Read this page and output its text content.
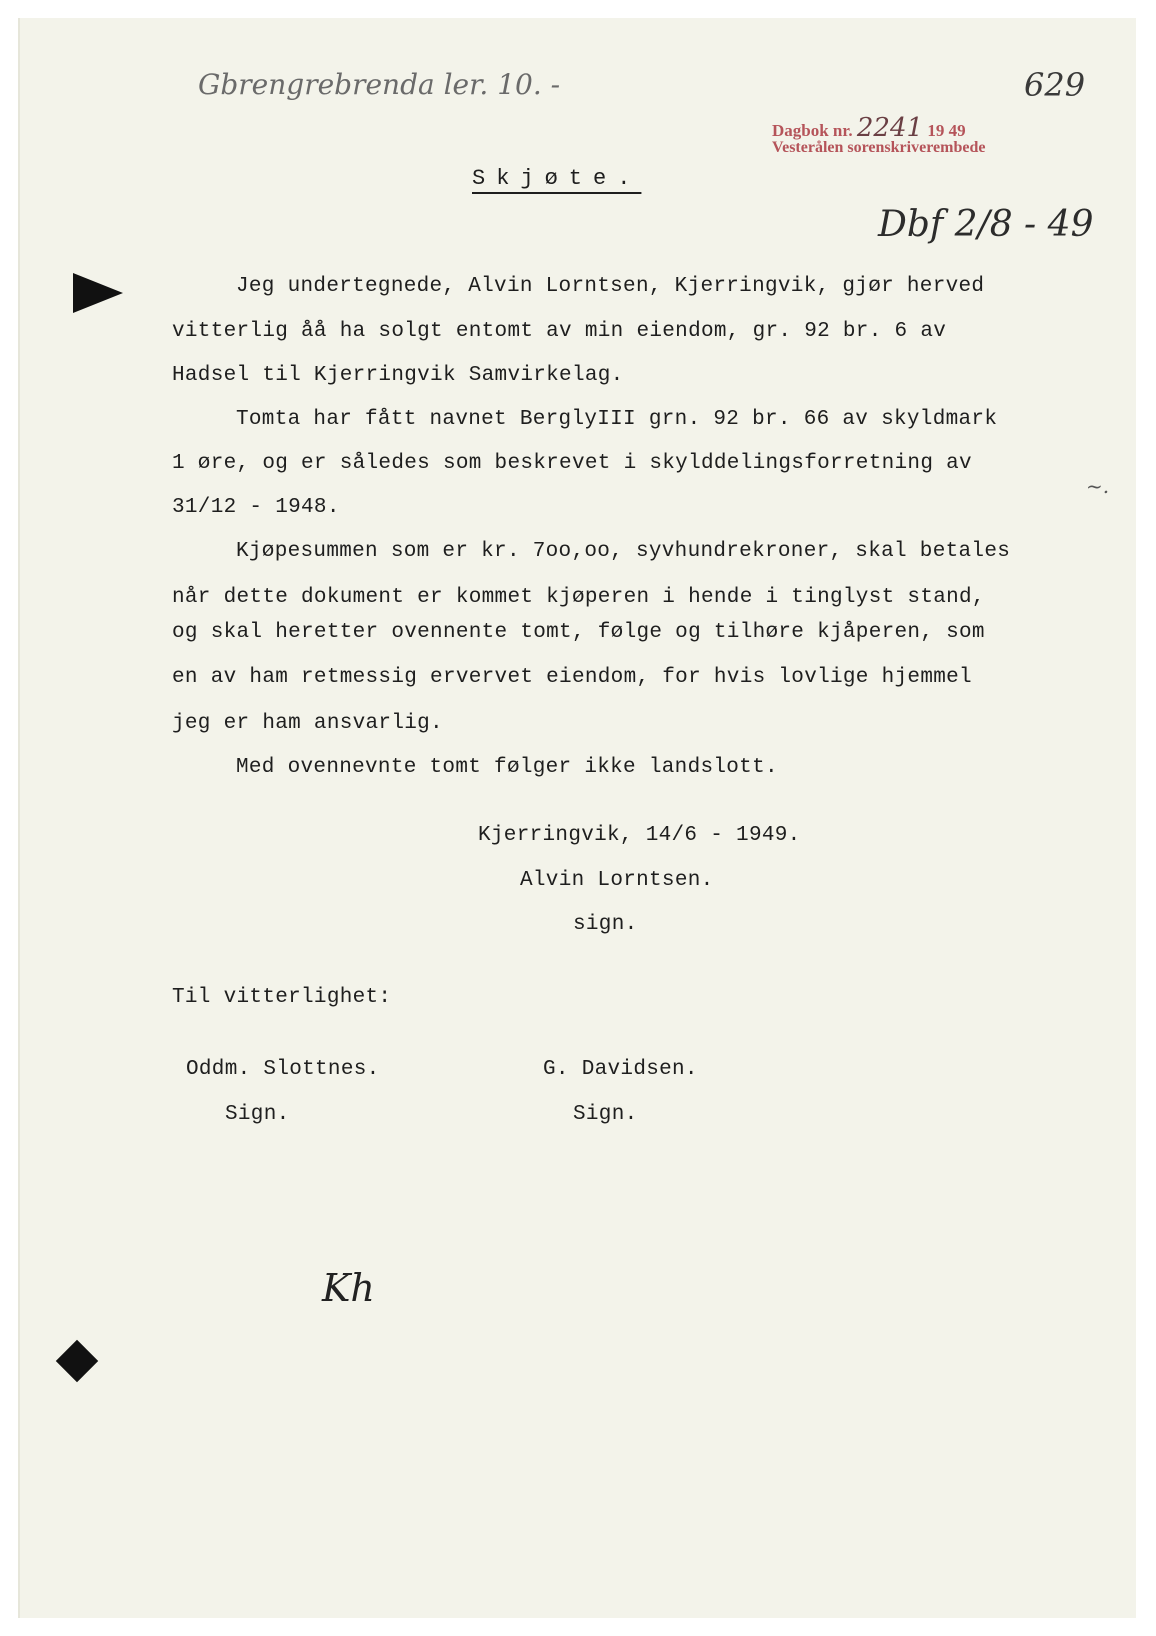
Gbrengrebrenda ler. 10. -	629
Dagbok nr. 2241 19 49
Vesterålen sorenskriverembede
Dbf 2/8 - 49
Skjøte.
Jeg undertegnede, Alvin Lorntsen, Kjerringvik, gjør herved
vitterlig åå ha solgt entomt av min eiendom, gr. 92 br. 6 av
Hadsel til Kjerringvik Samvirkelag.
Tomta har fått navnet BerglyIII grn. 92 br. 66 av skyldmark
1 øre, og er således som beskrevet i skylddelingsforretning av
~.
31/12 - 1948.
Kjøpesummen som er kr. 7oo,oo, syvhundrekroner, skal betales
når dette dokument er kommet kjøperen i hende i tinglyst stand,
og skal heretter ovennente tomt, følge og tilhøre kjåperen, som
en av ham retmessig ervervet eiendom, for hvis lovlige hjemmel
jeg er ham ansvarlig.
Med ovennevnte tomt følger ikke landslott.
Kjerringvik, 14/6 - 1949.
Alvin Lorntsen.
sign.
Til vitterlighet:
Oddm. Slottnes.	G. Davidsen.
Sign.	Sign.
Kh
